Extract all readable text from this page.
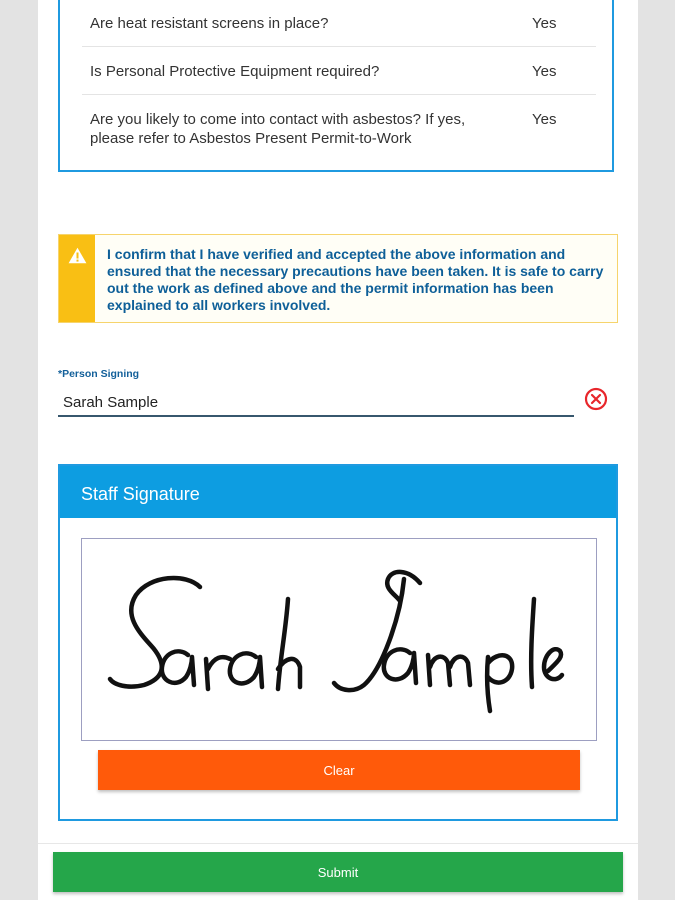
Are heat resistant screens in place?	Yes
Is Personal Protective Equipment required?	Yes
Are you likely to come into contact with asbestos? If yes, please refer to Asbestos Present Permit-to-Work
Yes
I confirm that I have verified and accepted the above information and ensured that the necessary precautions have been taken. It is safe to carry out the work as defined above and the permit information has been explained to all workers involved.
*Person Signing
Sarah Sample
Staff Signature
Clear
Submit
